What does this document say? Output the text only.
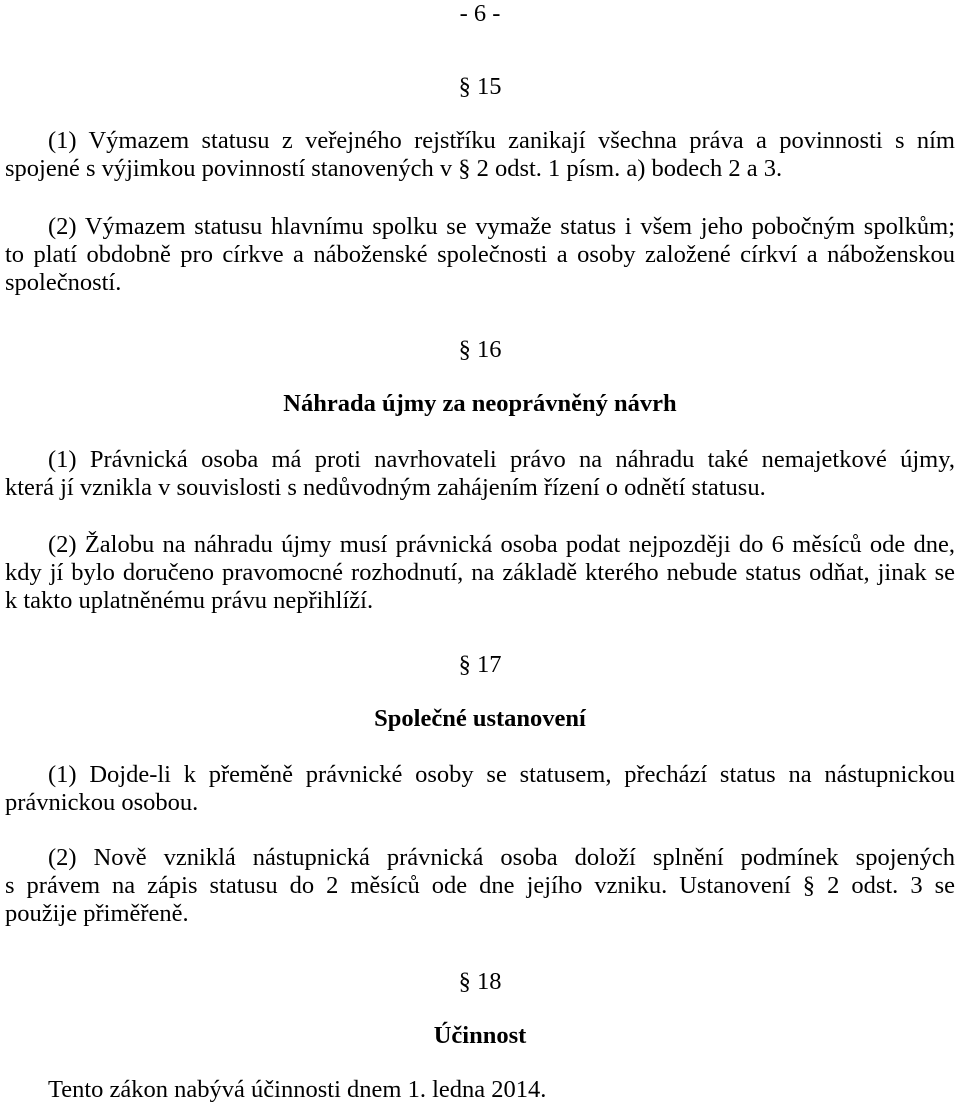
- 6 -
§ 15
(1) Výmazem statusu z veřejného rejstříku zanikají všechna práva a povinnosti s ním
spojené s výjimkou povinností stanovených v § 2 odst. 1 písm. a) bodech 2 a 3.
(2) Výmazem statusu hlavnímu spolku se vymaže status i všem jeho pobočným spolkům;
to platí obdobně pro církve a náboženské společnosti a osoby založené církví a náboženskou
společností.
§ 16
Náhrada újmy za neoprávněný návrh
(1) Právnická osoba má proti navrhovateli právo na náhradu také nemajetkové újmy,
která jí vznikla v souvislosti s nedůvodným zahájením řízení o odnětí statusu.
(2) Žalobu na náhradu újmy musí právnická osoba podat nejpozději do 6 měsíců ode dne,
kdy jí bylo doručeno pravomocné rozhodnutí, na základě kterého nebude status odňat, jinak se
k takto uplatněnému právu nepřihlíží.
§ 17
Společné ustanovení
(1) Dojde-li k přeměně právnické osoby se statusem, přechází status na nástupnickou
právnickou osobou.
(2) Nově vzniklá nástupnická právnická osoba doloží splnění podmínek spojených
s právem na zápis statusu do 2 měsíců ode dne jejího vzniku. Ustanovení § 2 odst. 3 se
použije přiměřeně.
§ 18
Účinnost
Tento zákon nabývá účinnosti dnem 1. ledna 2014.
